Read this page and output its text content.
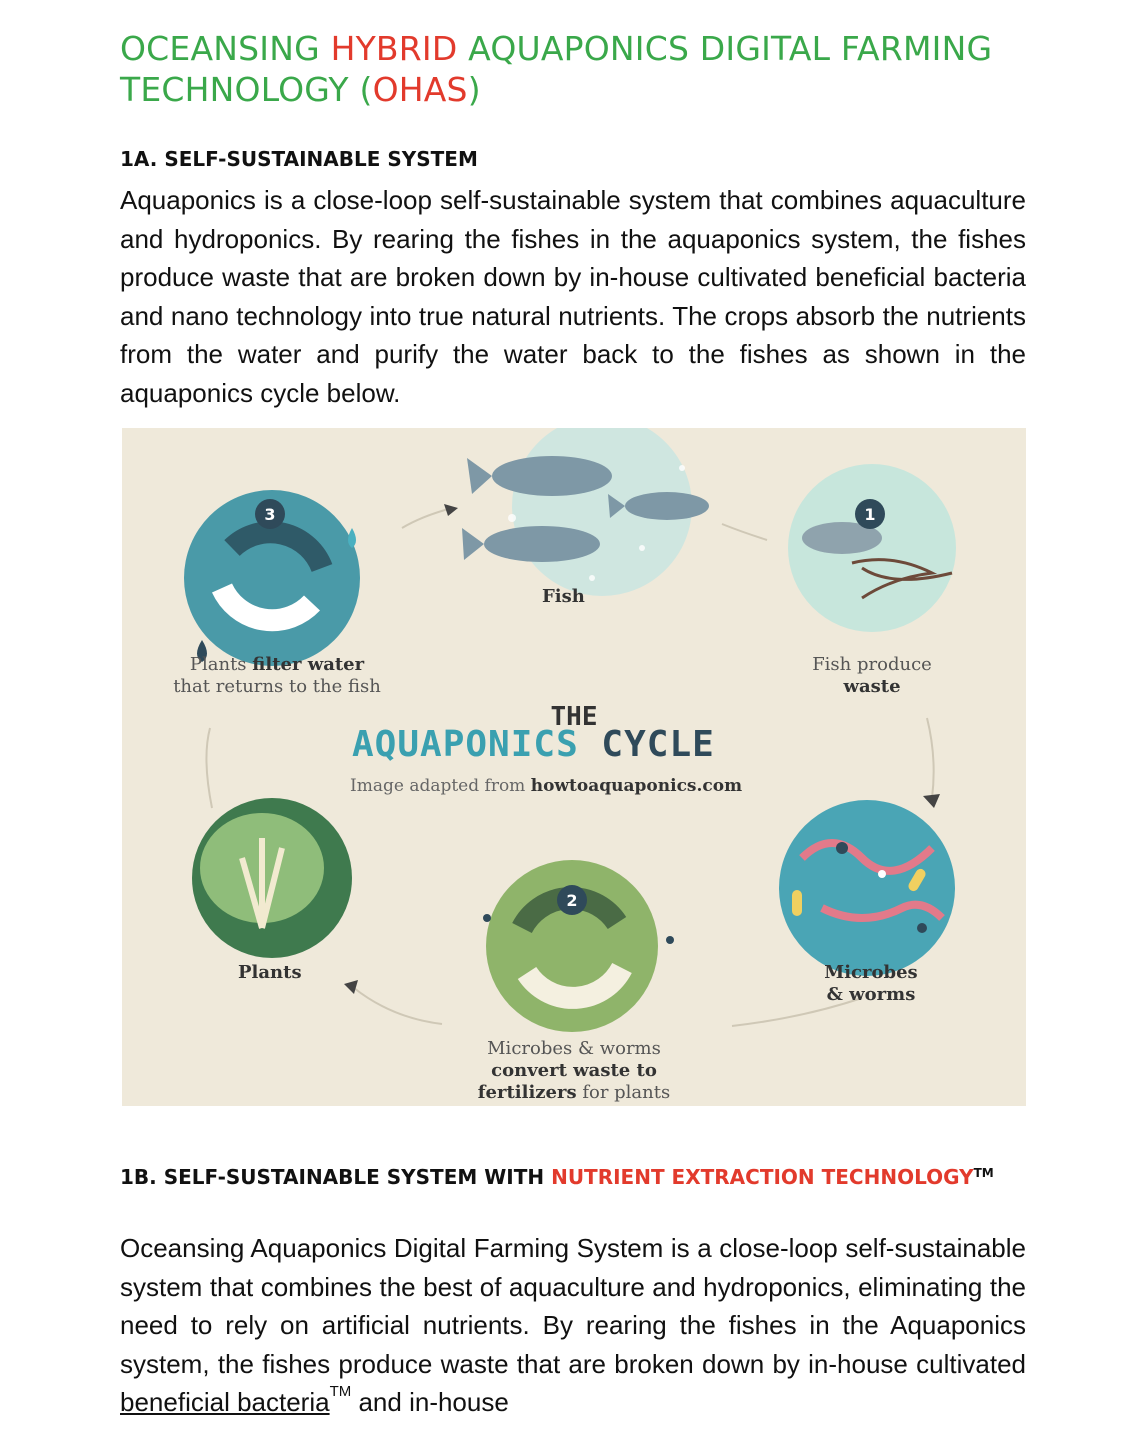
OCEANSING HYBRID AQUAPONICS DIGITAL FARMING TECHNOLOGY (OHAS)
1A. SELF-SUSTAINABLE SYSTEM

Aquaponics is a close-loop self-sustainable system that combines aquaculture and hydroponics. By rearing the fishes in the aquaponics system, the fishes produce waste that are broken down by in-house cultivated beneficial bacteria and nano technology into true natural nutrients. The crops absorb the nutrients from the water and purify the water back to the fishes as shown in the aquaponics cycle below.

1
3
2
Fish
Plants filter water
that returns to the fish
Fish produce
waste
THE
AQUAPONICS CYCLE
Image adapted from howtoaquaponics.com
Plants	Microbes
& worms
Microbes & worms
convert waste to
fertilizers for plants
1B. SELF-SUSTAINABLE SYSTEM WITH NUTRIENT EXTRACTION TECHNOLOGY™

Oceansing Aquaponics Digital Farming System is a close-loop self-sustainable system that combines the best of aquaculture and hydroponics, eliminating the need to rely on artificial nutrients. By rearing the fishes in the Aquaponics system, the fishes produce waste that are broken down by in-house cultivated beneficial bacteria™ and in-house
